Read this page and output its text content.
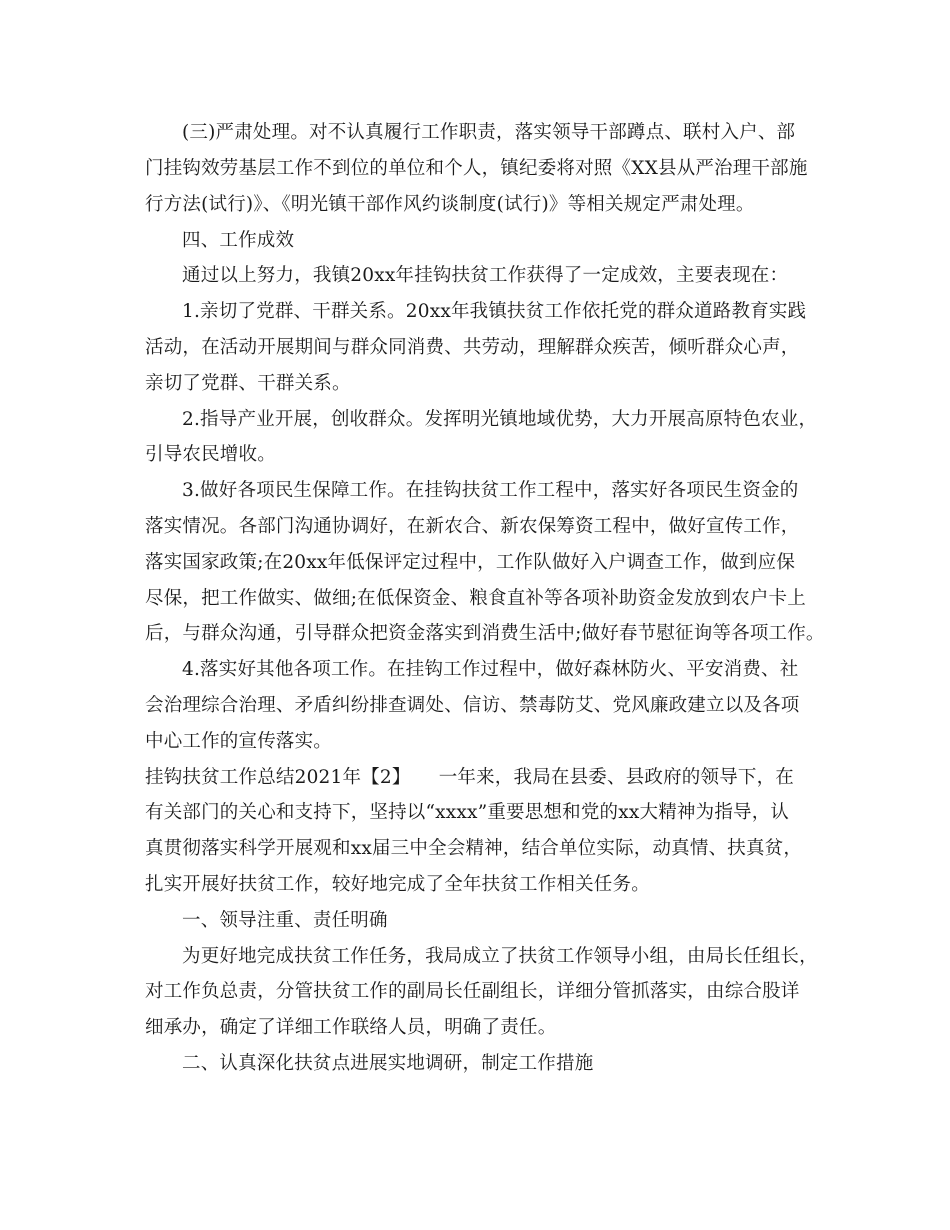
(三)严肃处理。对不认真履行工作职责，落实领导干部蹲点、联村入户、部
门挂钩效劳基层工作不到位的单位和个人，镇纪委将对照《XX县从严治理干部施
行方法(试行)》、《明光镇干部作风约谈制度(试行)》等相关规定严肃处理。
四、工作成效
通过以上努力，我镇20xx年挂钩扶贫工作获得了一定成效，主要表现在：
1.亲切了党群、干群关系。20xx年我镇扶贫工作依托党的群众道路教育实践
活动，在活动开展期间与群众同消费、共劳动，理解群众疾苦，倾听群众心声，
亲切了党群、干群关系。
2.指导产业开展，创收群众。发挥明光镇地域优势，大力开展高原特色农业，
引导农民增收。
3.做好各项民生保障工作。在挂钩扶贫工作工程中，落实好各项民生资金的
落实情况。各部门沟通协调好，在新农合、新农保筹资工程中，做好宣传工作，
落实国家政策;在20xx年低保评定过程中，工作队做好入户调查工作，做到应保
尽保，把工作做实、做细;在低保资金、粮食直补等各项补助资金发放到农户卡上
后，与群众沟通，引导群众把资金落实到消费生活中;做好春节慰征询等各项工作。
4.落实好其他各项工作。在挂钩工作过程中，做好森林防火、平安消费、社
会治理综合治理、矛盾纠纷排查调处、信访、禁毒防艾、党风廉政建立以及各项
中心工作的宣传落实。
挂钩扶贫工作总结2021年【2】　　一年来，我局在县委、县政府的领导下，在
有关部门的关心和支持下，坚持以“xxxx”重要思想和党的xx大精神为指导，认
真贯彻落实科学开展观和xx届三中全会精神，结合单位实际，动真情、扶真贫，
扎实开展好扶贫工作，较好地完成了全年扶贫工作相关任务。
一、领导注重、责任明确
为更好地完成扶贫工作任务，我局成立了扶贫工作领导小组，由局长任组长，
对工作负总责，分管扶贫工作的副局长任副组长，详细分管抓落实，由综合股详
细承办，确定了详细工作联络人员，明确了责任。
二、认真深化扶贫点进展实地调研，制定工作措施
